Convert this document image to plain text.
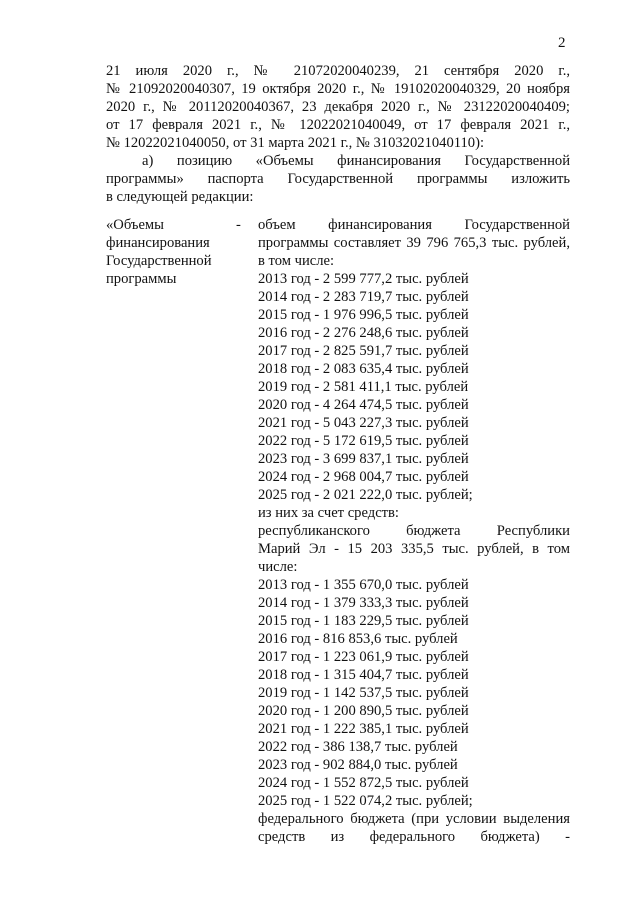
2
21 июля 2020 г., № 21072020040239, 21 сентября 2020 г.,
№ 21092020040307, 19 октября 2020 г., № 19102020040329, 20 ноября
2020 г., № 20112020040367, 23 декабря 2020 г., № 23122020040409;
от 17 февраля 2021 г., № 12022021040049, от 17 февраля 2021 г.,
№ 12022021040050, от 31 марта 2021 г., № 31032021040110):
а) позицию «Объемы финансирования Государственной
программы» паспорта Государственной программы изложить
в следующей редакции:
«Объемы
финансирования
Государственной
программы
- объем финансирования Государственной
программы составляет 39 796 765,3 тыс. рублей,
в том числе:
2013 год - 2 599 777,2 тыс. рублей
2014 год - 2 283 719,7 тыс. рублей
2015 год - 1 976 996,5 тыс. рублей
2016 год - 2 276 248,6 тыс. рублей
2017 год - 2 825 591,7 тыс. рублей
2018 год - 2 083 635,4 тыс. рублей
2019 год - 2 581 411,1 тыс. рублей
2020 год - 4 264 474,5 тыс. рублей
2021 год - 5 043 227,3 тыс. рублей
2022 год - 5 172 619,5 тыс. рублей
2023 год - 3 699 837,1 тыс. рублей
2024 год - 2 968 004,7 тыс. рублей
2025 год - 2 021 222,0 тыс. рублей;
из них за счет средств:
республиканского бюджета Республики
Марий Эл - 15 203 335,5 тыс. рублей, в том
числе:
2013 год - 1 355 670,0 тыс. рублей
2014 год - 1 379 333,3 тыс. рублей
2015 год - 1 183 229,5 тыс. рублей
2016 год - 816 853,6 тыс. рублей
2017 год - 1 223 061,9 тыс. рублей
2018 год - 1 315 404,7 тыс. рублей
2019 год - 1 142 537,5 тыс. рублей
2020 год - 1 200 890,5 тыс. рублей
2021 год - 1 222 385,1 тыс. рублей
2022 год - 386 138,7 тыс. рублей
2023 год - 902 884,0 тыс. рублей
2024 год - 1 552 872,5 тыс. рублей
2025 год - 1 522 074,2 тыс. рублей;
федерального бюджета (при условии выделения
средств из федерального бюджета) -
